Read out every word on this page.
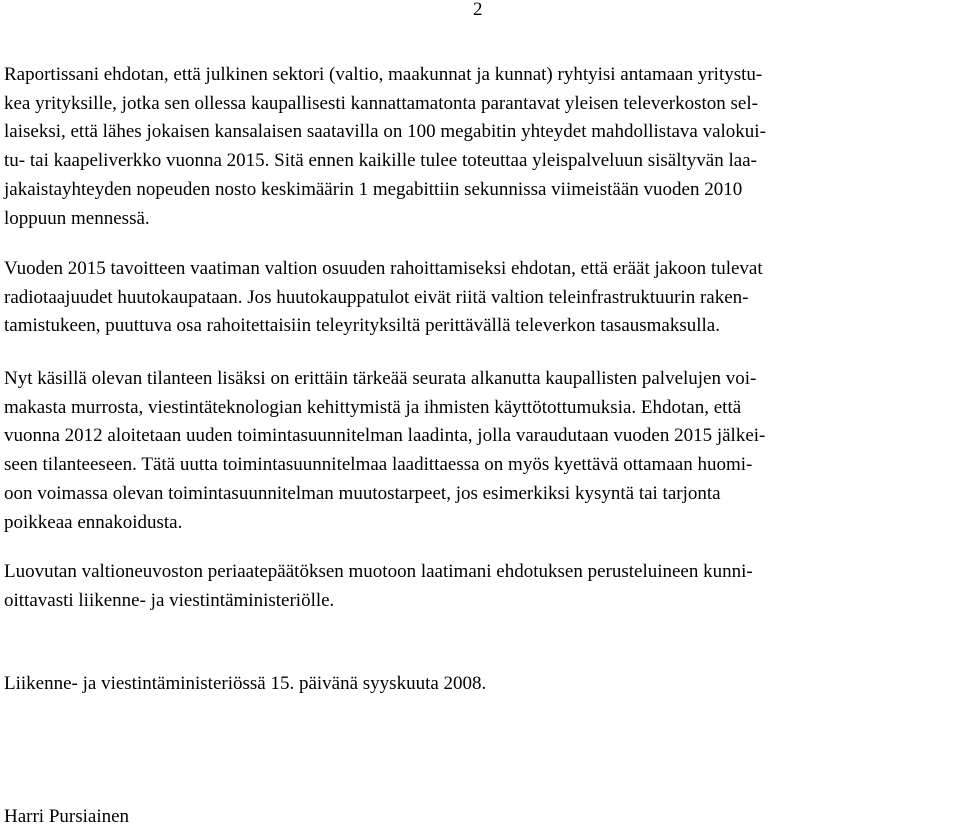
2

Raportissani ehdotan, että julkinen sektori (valtio, maakunnat ja kunnat) ryhtyisi antamaan yritystu-
kea yrityksille, jotka sen ollessa kaupallisesti kannattamatonta parantavat yleisen televerkoston sel-
laiseksi, että lähes jokaisen kansalaisen saatavilla on 100 megabitin yhteydet mahdollistava valokui-
tu- tai kaapeliverkko vuonna 2015. Sitä ennen kaikille tulee toteuttaa yleispalveluun sisältyvän laa-
jakaistayhteyden nopeuden nosto keskimäärin 1 megabittiin sekunnissa viimeistään vuoden 2010
loppuun mennessä.

Vuoden 2015 tavoitteen vaatiman valtion osuuden rahoittamiseksi ehdotan, että eräät jakoon tulevat
radiotaajuudet huutokaupataan. Jos huutokauppatulot eivät riitä valtion teleinfrastruktuurin raken-
tamistukeen, puuttuva osa rahoitettaisiin teleyrityksiltä perittävällä televerkon tasausmaksulla.

Nyt käsillä olevan tilanteen lisäksi on erittäin tärkeää seurata alkanutta kaupallisten palvelujen voi-
makasta murrosta, viestintäteknologian kehittymistä ja ihmisten käyttötottumuksia. Ehdotan, että
vuonna 2012 aloitetaan uuden toimintasuunnitelman laadinta, jolla varaudutaan vuoden 2015 jälkei-
seen tilanteeseen. Tätä uutta toimintasuunnitelmaa laadittaessa on myös kyettävä ottamaan huomi-
oon voimassa olevan toimintasuunnitelman muutostarpeet, jos esimerkiksi kysyntä tai tarjonta
poikkeaa ennakoidusta.

Luovutan valtioneuvoston periaatepäätöksen muotoon laatimani ehdotuksen perusteluineen kunni-
oittavasti liikenne- ja viestintäministeriölle.

Liikenne- ja viestintäministeriössä 15. päivänä syyskuuta 2008.
Harri Pursiainen
